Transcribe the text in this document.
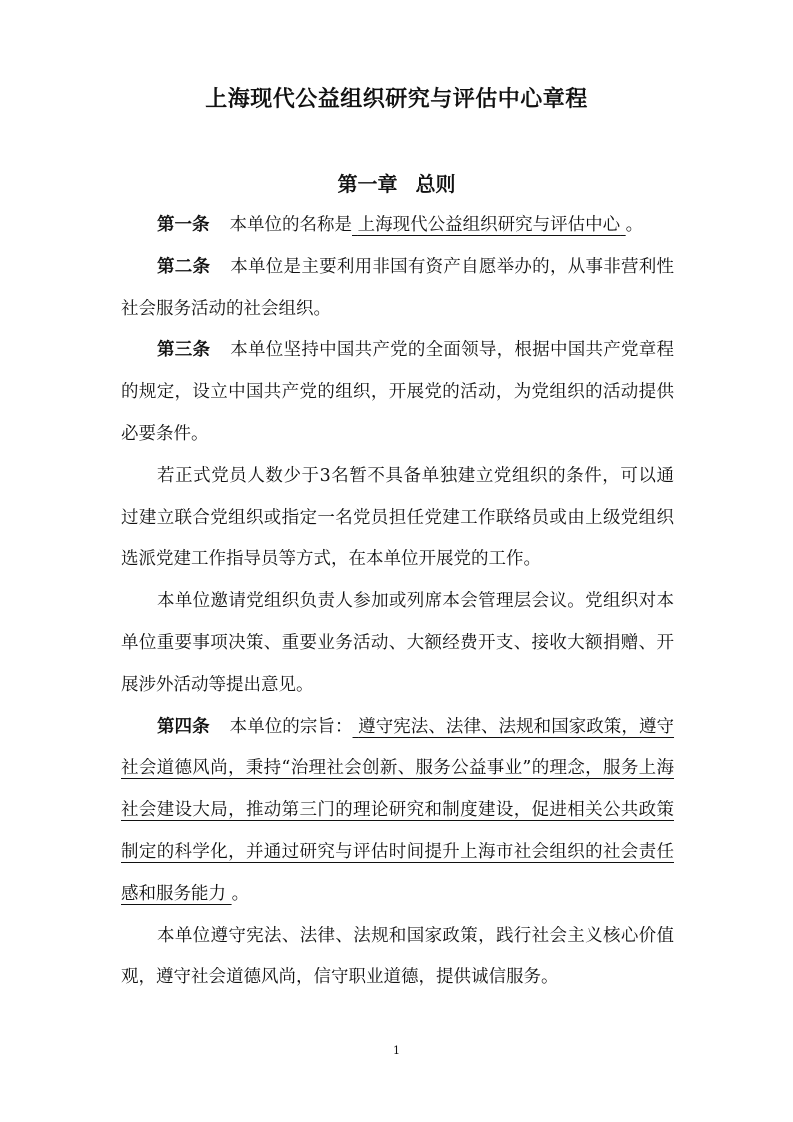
上海现代公益组织研究与评估中心章程
第一章 总则

第一条 本单位的名称是 上海现代公益组织研究与评估中心 。

第二条 本单位是主要利用非国有资产自愿举办的，从事非营利性社会服务活动的社会组织。

第三条 本单位坚持中国共产党的全面领导，根据中国共产党章程的规定，设立中国共产党的组织，开展党的活动，为党组织的活动提供必要条件。

若正式党员人数少于3名暂不具备单独建立党组织的条件，可以通过建立联合党组织或指定一名党员担任党建工作联络员或由上级党组织选派党建工作指导员等方式，在本单位开展党的工作。

本单位邀请党组织负责人参加或列席本会管理层会议。党组织对本单位重要事项决策、重要业务活动、大额经费开支、接收大额捐赠、开展涉外活动等提出意见。

第四条 本单位的宗旨： 遵守宪法、法律、法规和国家政策，遵守社会道德风尚，秉持“治理社会创新、服务公益事业”的理念，服务上海社会建设大局，推动第三门的理论研究和制度建设，促进相关公共政策制定的科学化，并通过研究与评估时间提升上海市社会组织的社会责任感和服务能力 。

本单位遵守宪法、法律、法规和国家政策，践行社会主义核心价值观，遵守社会道德风尚，信守职业道德，提供诚信服务。

1
